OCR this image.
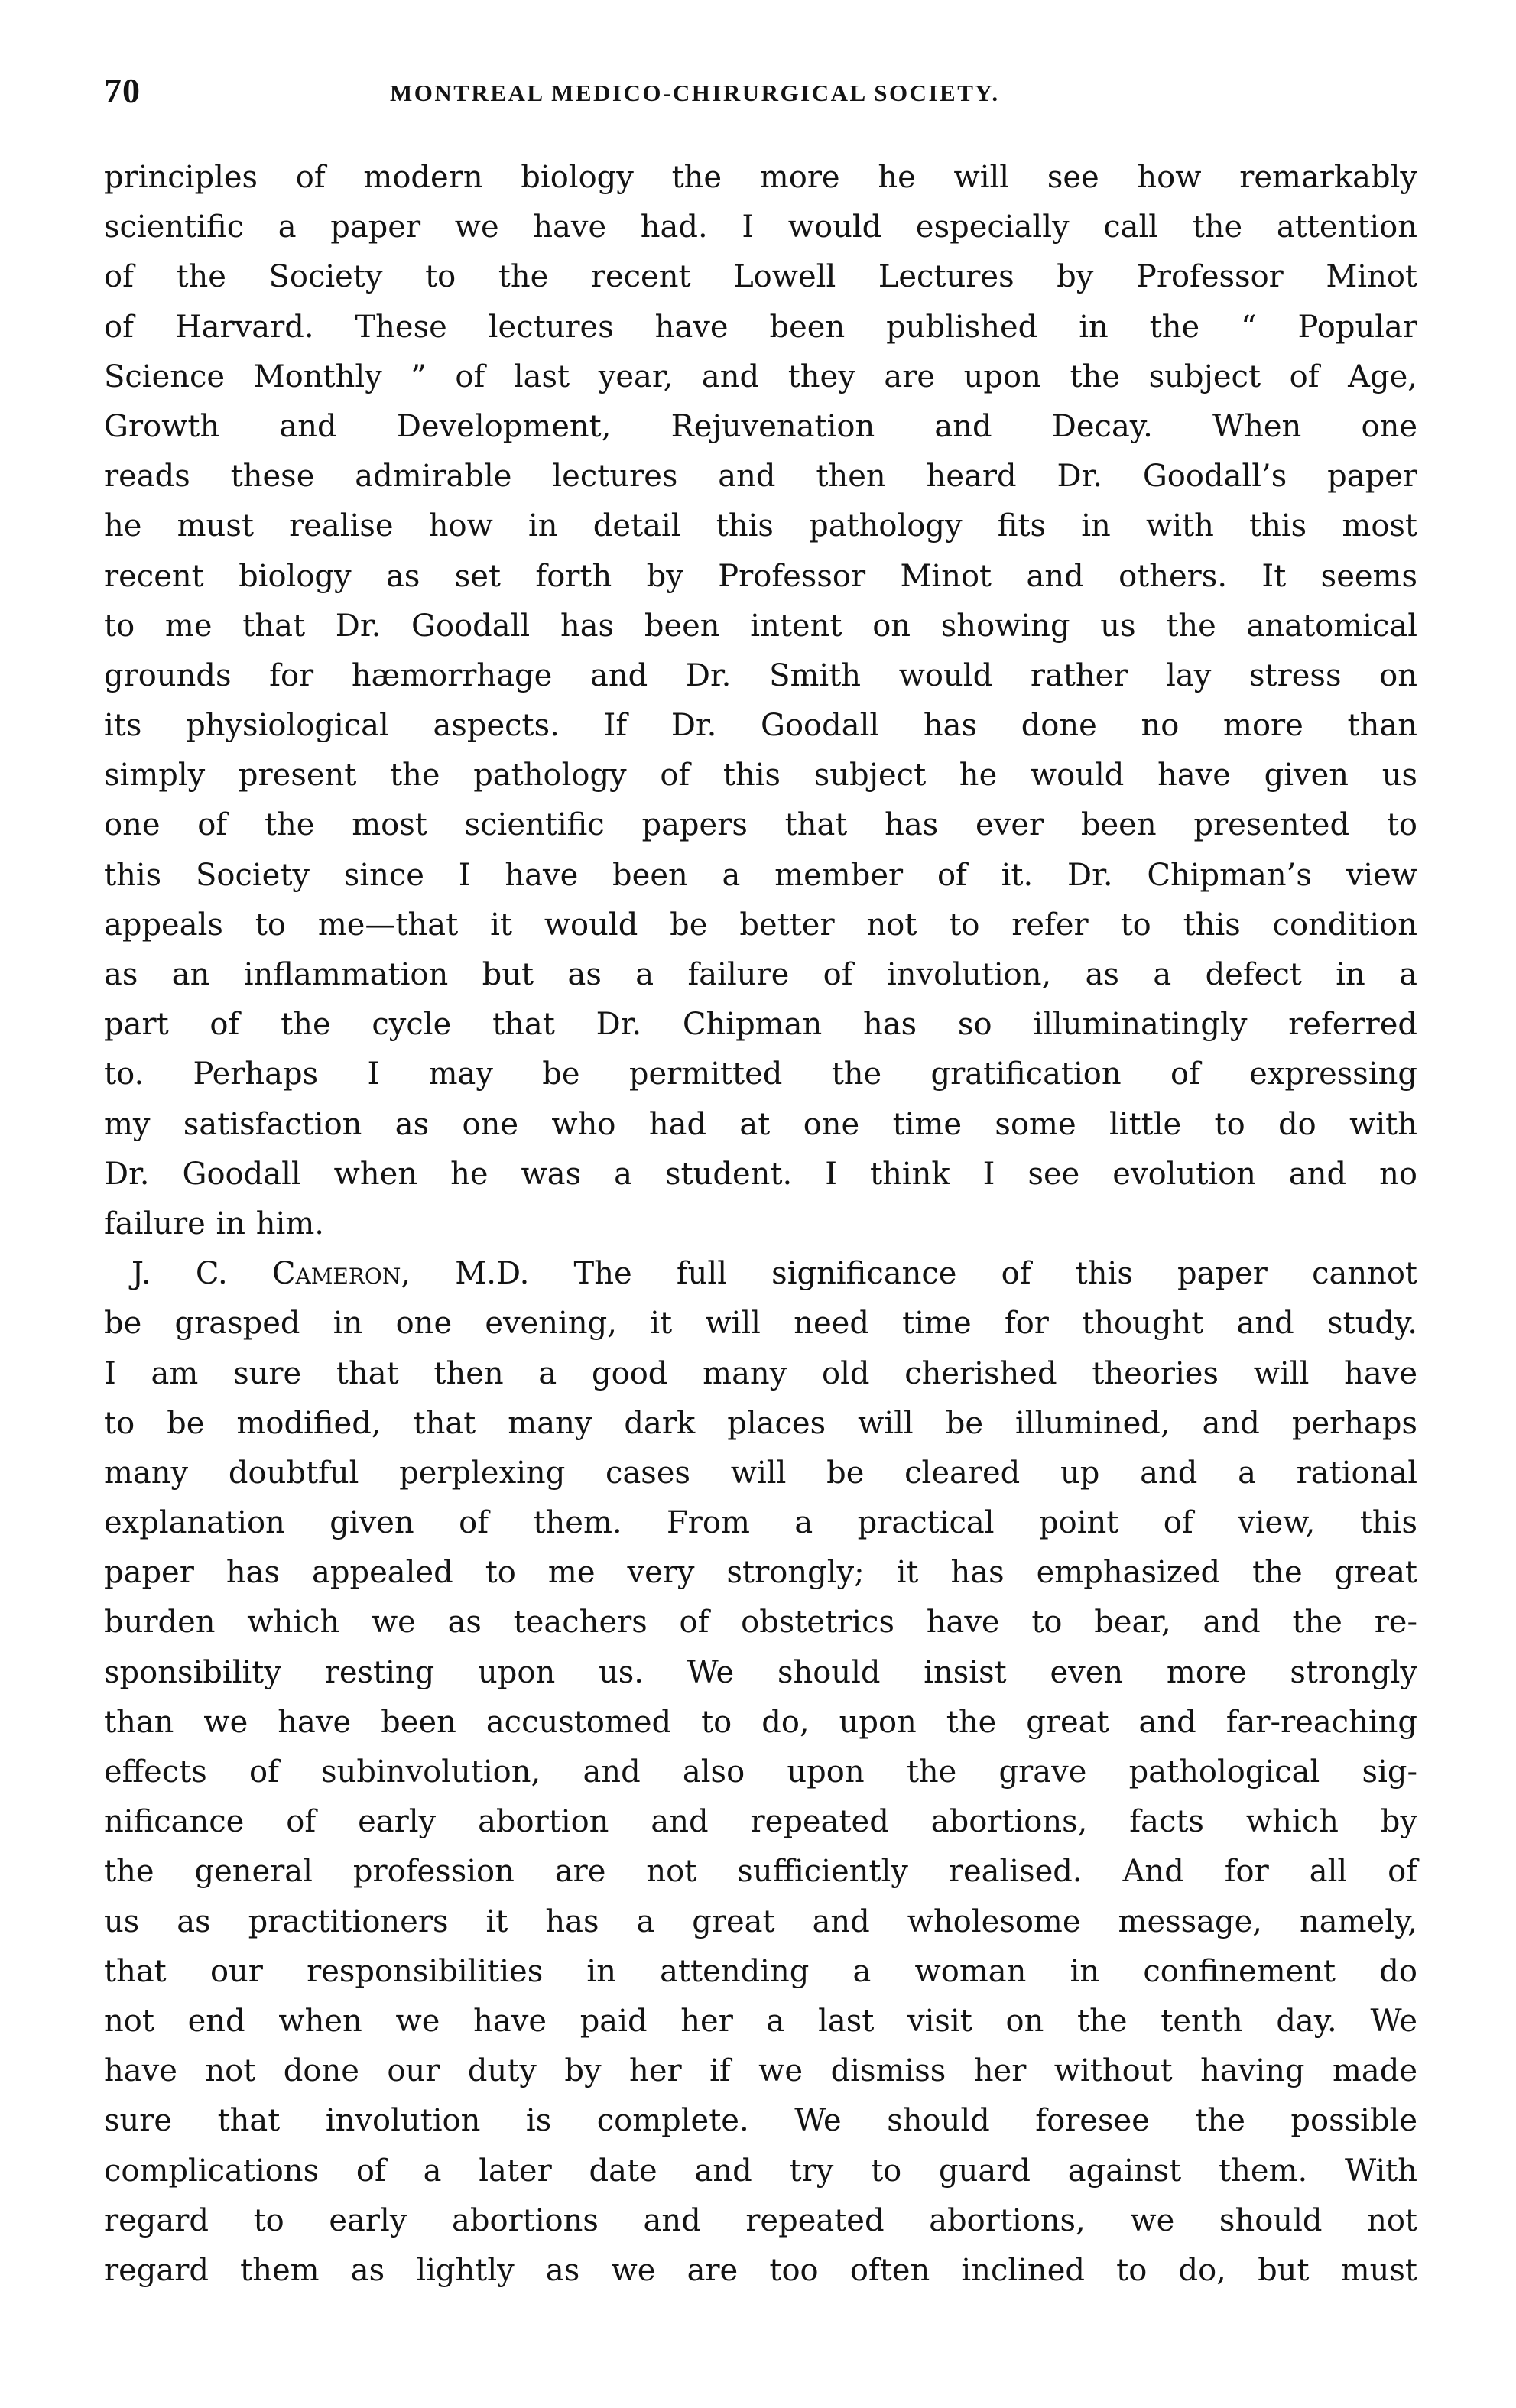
70	MONTREAL MEDICO-CHIRURGICAL SOCIETY.
principles of modern biology the more he will see how remarkably
scientific a paper we have had. I would especially call the attention
of the Society to the recent Lowell Lectures by Professor Minot
of Harvard. These lectures have been published in the “ Popular
Science Monthly ” of last year, and they are upon the subject of Age,
Growth and Development, Rejuvenation and Decay. When one
reads these admirable lectures and then heard Dr. Goodall’s paper
he must realise how in detail this pathology fits in with this most
recent biology as set forth by Professor Minot and others. It seems
to me that Dr. Goodall has been intent on showing us the anatomical
grounds for hæmorrhage and Dr. Smith would rather lay stress on
its physiological aspects. If Dr. Goodall has done no more than
simply present the pathology of this subject he would have given us
one of the most scientific papers that has ever been presented to
this Society since I have been a member of it. Dr. Chipman’s view
appeals to me—that it would be better not to refer to this condition
as an inflammation but as a failure of involution, as a defect in a
part of the cycle that Dr. Chipman has so illuminatingly referred
to. Perhaps I may be permitted the gratification of expressing
my satisfaction as one who had at one time some little to do with
Dr. Goodall when he was a student. I think I see evolution and no
failure in him.
J. C. Cameron, M.D. The full significance of this paper cannot
be grasped in one evening, it will need time for thought and study.
I am sure that then a good many old cherished theories will have
to be modified, that many dark places will be illumined, and perhaps
many doubtful perplexing cases will be cleared up and a rational
explanation given of them. From a practical point of view, this
paper has appealed to me very strongly; it has emphasized the great
burden which we as teachers of obstetrics have to bear, and the re-
sponsibility resting upon us. We should insist even more strongly
than we have been accustomed to do, upon the great and far-reaching
effects of subinvolution, and also upon the grave pathological sig-
nificance of early abortion and repeated abortions, facts which by
the general profession are not sufficiently realised. And for all of
us as practitioners it has a great and wholesome message, namely,
that our responsibilities in attending a woman in confinement do
not end when we have paid her a last visit on the tenth day. We
have not done our duty by her if we dismiss her without having made
sure that involution is complete. We should foresee the possible
complications of a later date and try to guard against them. With
regard to early abortions and repeated abortions, we should not
regard them as lightly as we are too often inclined to do, but must
